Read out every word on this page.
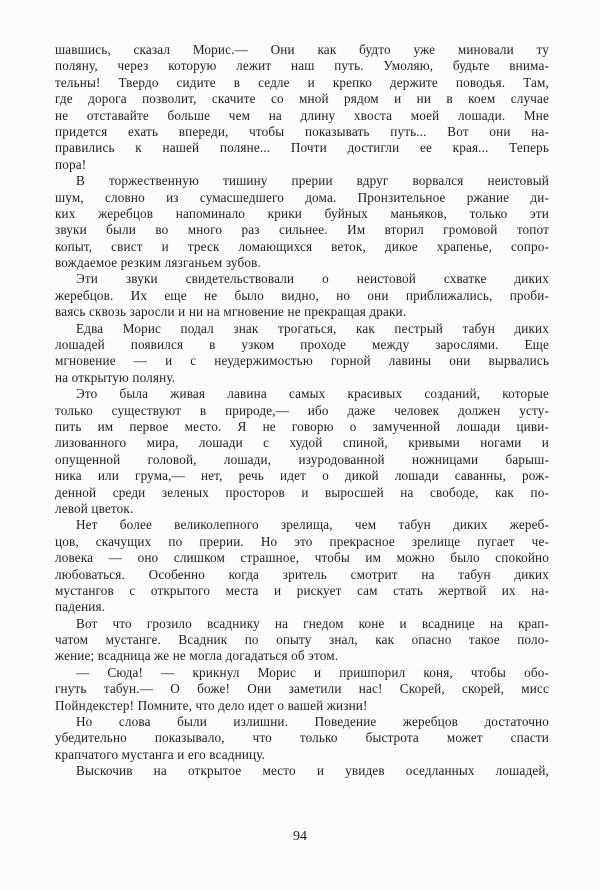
шавшись, сказал Морис.— Они как будто уже миновали ту
поляну, через которую лежит наш путь. Умоляю, будьте внима-
тельны! Твердо сидите в седле и крепко держите поводья. Там,
где дорога позволит, скачите со мной рядом и ни в коем случае
не отставайте больше чем на длину хвоста моей лошади. Мне
придется ехать впереди, чтобы показывать путь... Вот они на-
правились к нашей поляне... Почти достигли ее края... Теперь
пора!
В торжественную тишину прерии вдруг ворвался неистовый
шум, словно из сумасшедшего дома. Пронзительное ржание ди-
ких жеребцов напоминало крики буйных маньяков, только эти
звуки были во много раз сильнее. Им вторил громовой топот
копыт, свист и треск ломающихся веток, дикое храпенье, сопро-
вождаемое резким лязганьем зубов.
Эти звуки свидетельствовали о неистовой схватке диких
жеребцов. Их еще не было видно, но они приближались, проби-
ваясь сквозь заросли и ни на мгновение не прекращая драки.
Едва Морис подал знак трогаться, как пестрый табун диких
лошадей появился в узком проходе между зарослями. Еще
мгновение — и с неудержимостью горной лавины они вырвались
на открытую поляну.
Это была живая лавина самых красивых созданий, которые
только существуют в природе,— ибо даже человек должен усту-
пить им первое место. Я не говорю о замученной лошади циви-
лизованного мира, лошади с худой спиной, кривыми ногами и
опущенной головой, лошади, изуродованной ножницами барыш-
ника или грума,— нет, речь идет о дикой лошади саванны, рож-
денной среди зеленых просторов и выросшей на свободе, как по-
левой цветок.
Нет более великолепного зрелища, чем табун диких жереб-
цов, скачущих по прерии. Но это прекрасное зрелище пугает че-
ловека — оно слишком страшное, чтобы им можно было спокойно
любоваться. Особенно когда зритель смотрит на табун диких
мустангов с открытого места и рискует сам стать жертвой их на-
падения.
Вот что грозило всаднику на гнедом коне и всаднице на крап-
чатом мустанге. Всадник по опыту знал, как опасно такое поло-
жение; всадница же не могла догадаться об этом.
— Сюда! — крикнул Морис и пришпорил коня, чтобы обо-
гнуть табун.— О боже! Они заметили нас! Скорей, скорей, мисс
Пойндекстер! Помните, что дело идет о вашей жизни!
Но слова были излишни. Поведение жеребцов достаточно
убедительно показывало, что только быстрота может спасти
крапчатого мустанга и его всадницу.
Выскочив на открытое место и увидев оседланных лошадей,
94
